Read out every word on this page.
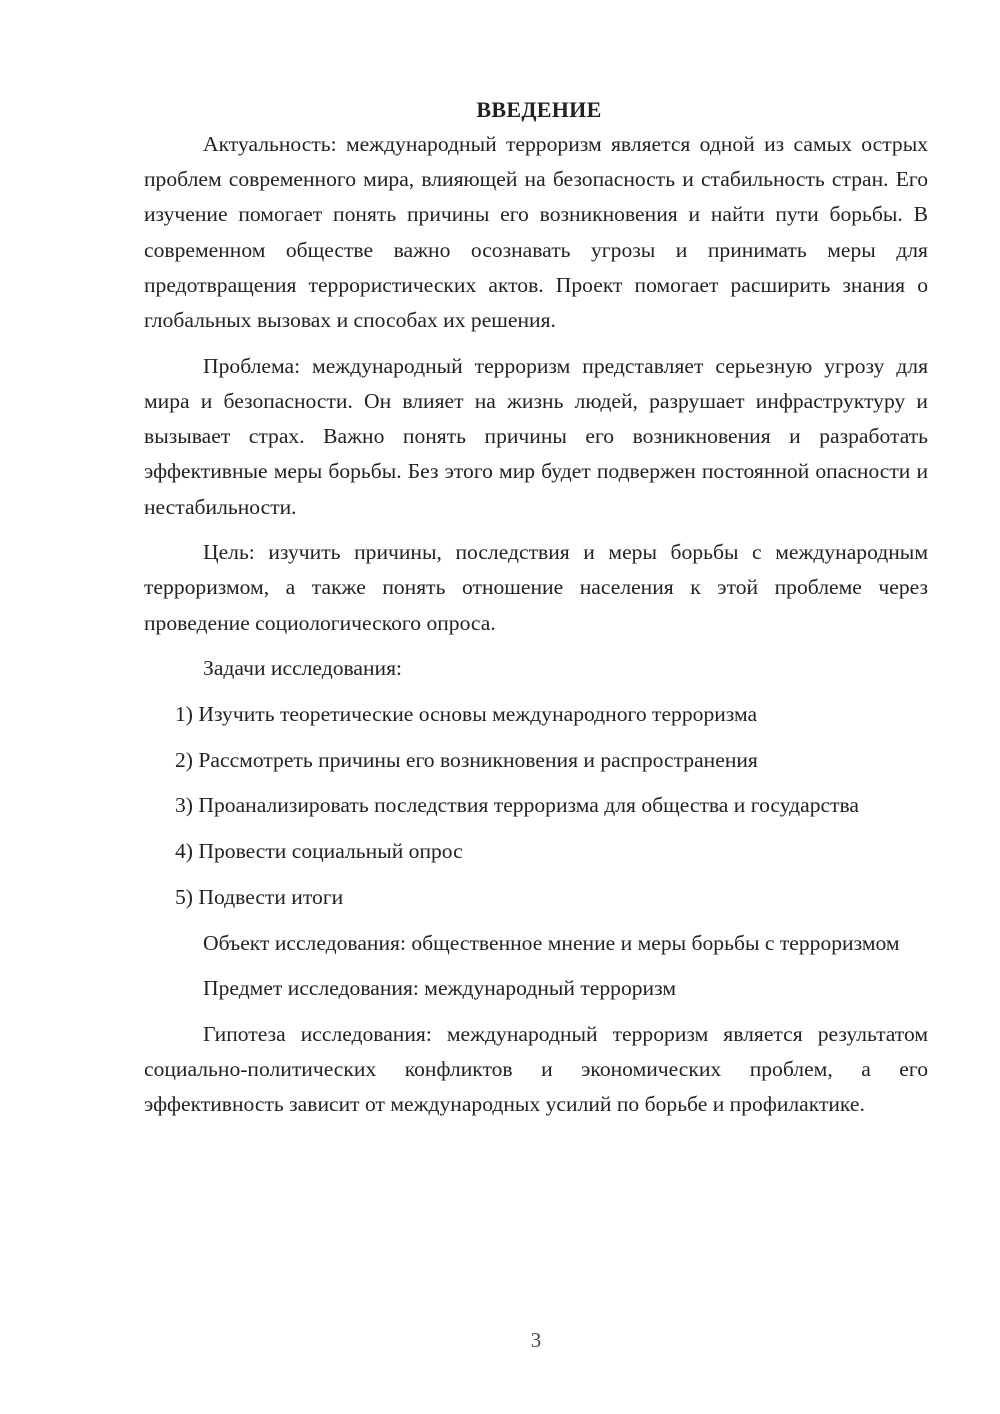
ВВЕДЕНИЕ

Актуальность: международный терроризм является одной из самых острых проблем современного мира, влияющей на безопасность и стабильность стран. Его изучение помогает понять причины его возникновения и найти пути борьбы. В современном обществе важно осознавать угрозы и принимать меры для предотвращения террористических актов. Проект помогает расширить знания о глобальных вызовах и способах их решения.

Проблема: международный терроризм представляет серьезную угрозу для мира и безопасности. Он влияет на жизнь людей, разрушает инфраструктуру и вызывает страх. Важно понять причины его возникновения и разработать эффективные меры борьбы. Без этого мир будет подвержен постоянной опасности и нестабильности.

Цель: изучить причины, последствия и меры борьбы с международным терроризмом, а также понять отношение населения к этой проблеме через проведение социологического опроса.

Задачи исследования:

1) Изучить теоретические основы международного терроризма

2) Рассмотреть причины его возникновения и распространения

3) Проанализировать последствия терроризма для общества и государства

4) Провести социальный опрос

5) Подвести итоги

Объект исследования: общественное мнение и меры борьбы с терроризмом

Предмет исследования: международный терроризм

Гипотеза исследования: международный терроризм является результатом социально-политических конфликтов и экономических проблем, а его эффективность зависит от международных усилий по борьбе и профилактике.

3
